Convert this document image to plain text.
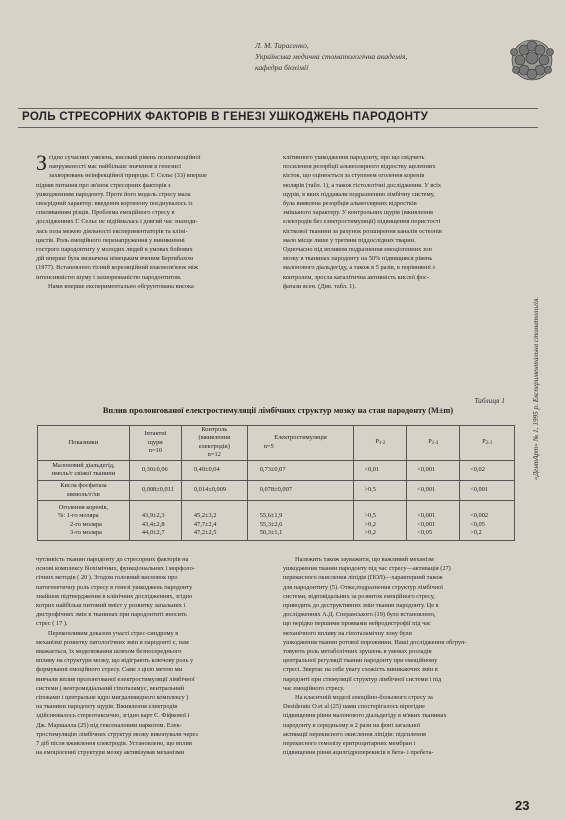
Л. М. Тарасенко,
Українська медична стоматологічна академія,
кафедра біохімії
РОЛЬ СТРЕСОРНИХ ФАКТОРІВ В ГЕНЕЗІ УШКОДЖЕНЬ ПАРОДОНТУ
З гідно сучасних уявлень, високий рівень психоемоційної
напруженості має найбільше значення в генезисі
захворювань неінфекційної природи. Г. Сельє (33) вперше
підняв питання про зв'язок стресорних факторів з
ушкодженням пародонту. Проте його модель стресу мала
своєрідний характер: введення кортизону поєднувалось із
спиляванням різців. Проблема емоційного стресу в
дослідженнях Г. Сельє не підіймалась і довгий час знаходи-
лась поза межею діяльності експериментаторів та кліні-
цистів. Роль емоційного перенапруження у виникненні
гострого пародонтиту у молодих людей в умовах бойових
дій вперше була визначена німецьким вченим Бертибахом
(1977). Встановлено тісний кореляційний взаємозв'язок між
інтенсивністю шуму і захворюваністю пародонтитом.
Нами вперше експериментально обгрунтована висока
клітинного ушкодження пародонту, про що свідчить
посилення резорбції альвеолярного відростку щелепних
кісток, що оцінюється за ступенем оголення коренів
молярів (табл. 1), а також гістологічні дослідження. У всіх
щурів, в яких піддавали подразненню лімбічну систему,
була виявлена резорбція альвеолярних відростків
змішаного характеру. У контрольних щурів (вживлення
електродів без електростимуляції) підвищення пористості
кісткової тканини за рахунок розширення каналів остеонів
мало місце лише у третини піддослідних тварин.
Одночасно під впливом подразнення емоціогенних зон
мозку в тканинах пародонту на 50% підвищився рівень
малонового діальдегіду, а також в 5 разів, в порівнянні з
контролем, зросла каталітична активність кислої фос-
фатази ясен. (Див. табл. 1).
Таблиця 1
Вплив пролонгованої електростимуляції лімбічних структур мозку на стан пародонту (M±m)
Показники	Інтактні
щури
n=10	Контроль
(вживлення
електродів)
n=12	Електростимуляція
n=5	$Р_{1-2}$	$Р_{1-3}$	$Р_{2-3}$

Малоновий діальдегід,
нмоль/г свіжої тканини	0,30±0,06	0,49±0,04	0,73±0,07	<0,01	<0,001	<0,02

Кисла фосфатаза
мкмоль/г/хв	0,008±0,011	0,014±0,009	0,078±0,007	>0,5	<0,001	<0,001

Оголення коренів,
%: 1-го моляра
2-го моляра
3-го моляра	43,9±2,3
43,4±2,8
44,0±2,7	45,2±3,2
47,7±2,4
47,2±2,5	55,6±1,9
55,3±2,6
50,3±1,1	>0,5
>0,2
>0,2	<0,001
<0,001
<0,05	<0,002
<0,05
>0,2
чутливість тканин пародонту до стресорних факторів на
основі комплексу біохімічних, функціональних і морфоло-
гічних методів ( 20 ). Згодом головний висновок про
патогенетичну роль стресу в генезі ушкоджень пародонту
знайшов підтвердження в клінічних дослідженнях, згідно
котрих найбільш питомий вміст у розвитку запальних і
дистрофічних змін в тканинах при пародонтиті вносить
стрес ( 17 ).
Переконливим доказом участі стрес-синдрому в
механізмі розвитку патологічних змін в пародонті є, нам
вважається, їх моделювання шляхом безпосереднього
впливу на структури мозку, що відіграють ключову роль у
формуванні емоційного стресу. Саме з цією метою ми
вивчали вплив пролонгованої електростимуляції лімбічної
системи ( вентромедіальний гіпоталамус, вентральний
гіпокамп і центральне ядро мигдалевидного комплексу )
на тканини пародонту щурів. Вживлення електродів
здійснювалось стереотаксично, згідно карт Є. Фіфкової і
Дж. Маршалла (25) під гексеналовим наркозом. Елек-
тростимуляцію лімбічних структур мозку виконували через
7 діб після вживлення електродів. Установлено, що вплив
на емоціогенні структури мозку активізував механізми
Належить також зауважити, що важливий механізм
ушкодження тканин пародонту під час стресу—активація (27)
перекисного окислення ліпідів (ПОЛ)—характерний також
для пародонтиту (5). Отже,подразнення структур лімбічної
системи, відповідальних за розвиток емоційного стресу,
приводить до деструктивних змін тканин пародонту. Це в
дослідженнях А.Д. Сперанського (19) було встановлено,
що нерідко першими проявами нейродистрофії під час
механічного впливу на гіпоталамічну зону були
ушкодження тканин ротової порожнини. Наші дослідження обгрун-
товують роль метаболічних зрушень в умовах розладів
центральної регуляції тканин пародонту при емоційному
стресі. Звертає на себе увагу схожість виникаючих змін в
пародонті при стимуляції структур лімбічної системи і під
час емоційного стресу.
На класичній моделі емоційно-больового стресу за
Desiderato O.et al (25) нами спостерігалось вірогідне
підвищення рівня малонового діальдегіду в м'яких тканинах
пародонту в середньому в 2 рази на фоні загальної
активації перекисного окислення ліпідів: підсилення
перекисного гемолізу еритроцитарних мембран і
підвищення рівня ацилгідроперекисів в бета- і пребета-
«ДентАрт» № 1, 1995 р. Експериментальна стоматологія.
23
